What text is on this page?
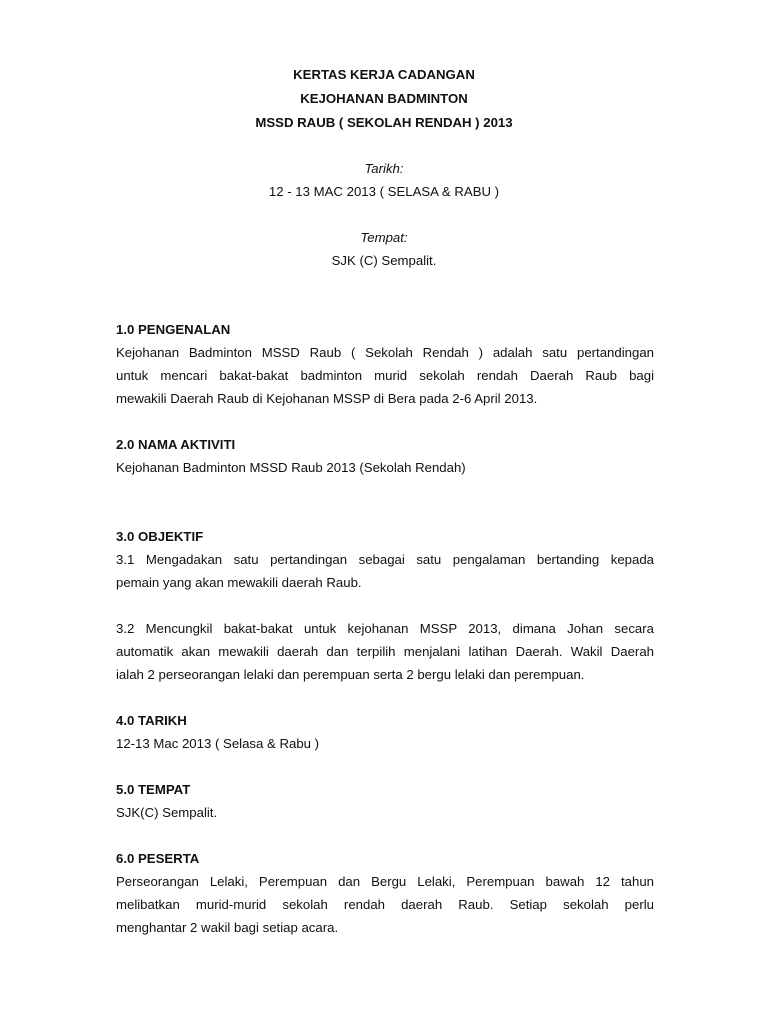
KERTAS KERJA CADANGAN
KEJOHANAN BADMINTON
MSSD RAUB ( SEKOLAH RENDAH ) 2013
Tarikh:
12 - 13 MAC 2013 ( SELASA & RABU )
Tempat:
SJK (C) Sempalit.
1.0 PENGENALAN
Kejohanan Badminton MSSD Raub ( Sekolah Rendah ) adalah satu pertandingan
untuk mencari bakat-bakat badminton murid sekolah rendah Daerah Raub bagi
mewakili Daerah Raub di Kejohanan MSSP di Bera pada 2-6 April 2013.
2.0 NAMA AKTIVITI
Kejohanan Badminton MSSD Raub 2013 (Sekolah Rendah)
3.0 OBJEKTIF
3.1 Mengadakan satu pertandingan sebagai satu pengalaman bertanding kepada
pemain yang akan mewakili daerah Raub.
3.2 Mencungkil bakat-bakat untuk kejohanan MSSP 2013, dimana Johan secara
automatik akan mewakili daerah dan terpilih menjalani latihan Daerah. Wakil Daerah
ialah 2 perseorangan lelaki dan perempuan serta 2 bergu lelaki dan perempuan.
4.0 TARIKH
12-13 Mac 2013 ( Selasa & Rabu )
5.0 TEMPAT
SJK(C) Sempalit.
6.0 PESERTA
Perseorangan Lelaki, Perempuan dan Bergu Lelaki, Perempuan bawah 12 tahun
melibatkan murid-murid sekolah rendah daerah Raub. Setiap sekolah perlu
menghantar 2 wakil bagi setiap acara.
